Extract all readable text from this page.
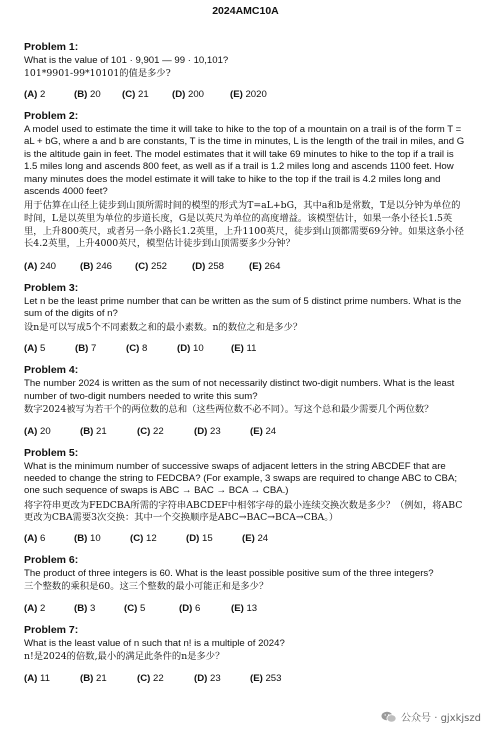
2024AMC10A
Problem 1:
What is the value of 101 · 9,901 — 99 · 10,101?
101*9901-99*10101的值是多少?
(A) 2	(B) 20	(C) 21	(D) 200	(E) 2020
Problem 2:
A model used to estimate the time it will take to hike to the top of a mountain on a trail is of the form T = aL + bG, where a and b are constants, T is the time in minutes, L is the length of the trail in miles, and G is the altitude gain in feet. The model estimates that it will take 69 minutes to hike to the top if a trail is 1.5 miles long and ascends 800 feet, as well as if a trail is 1.2 miles long and ascends 1100 feet. How many minutes does the model estimate it will take to hike to the top if the trail is 4.2 miles long and ascends 4000 feet?
用于估算在山径上徒步到山顶所需时间的模型的形式为T=aL+bG，其中a和b是常数，T是以分钟为单位的时间，L是以英里为单位的步道长度，G是以英尺为单位的高度增益。该模型估计，如果一条小径长1.5英里，上升800英尺，或者另一条小路长1.2英里，上升1100英尺，徒步到山顶都需要69分钟。如果这条小径长4.2英里，上升4000英尺，模型估计徒步到山顶需要多少分钟？
(A) 240	(B) 246	(C) 252	(D) 258	(E) 264
Problem 3:
Let n be the least prime number that can be written as the sum of 5 distinct prime numbers. What is the sum of the digits of n?
设n是可以写成5个不同素数之和的最小素数。n的数位之和是多少？
(A) 5	(B) 7	(C) 8	(D) 10	(E) 11
Problem 4:
The number 2024 is written as the sum of not necessarily distinct two-digit numbers. What is the least number of two-digit numbers needed to write this sum?
数字2024被写为若干个的两位数的总和（这些两位数不必不同）。写这个总和最少需要几个两位数？
(A) 20	(B) 21	(C) 22	(D) 23	(E) 24
Problem 5:
What is the minimum number of successive swaps of adjacent letters in the string ABCDEF that are needed to change the string to FEDCBA? (For example, 3 swaps are required to change ABC to CBA; one such sequence of swaps is ABC → BAC → BCA → CBA.)
将字符串更改为FEDCBA所需的字符串ABCDEF中相邻字母的最小连续交换次数是多少？（例如，将ABC更改为CBA需要3次交换：其中一个交换顺序是ABC→BAC→BCA→CBA。）
(A) 6	(B) 10	(C) 12	(D) 15	(E) 24
Problem 6:
The product of three integers is 60. What is the least possible positive sum of the three integers?
三个整数的乘积是60。这三个整数的最小可能正和是多少？
(A) 2	(B) 3	(C) 5	(D) 6	(E) 13
Problem 7:
What is the least value of n such that n! is a multiple of 2024?
n!是2024的倍数,最小的满足此条件的n是多少？
(A) 11	(B) 21	(C) 22	(D) 23	(E) 253
公众号 · gjxkjszd
